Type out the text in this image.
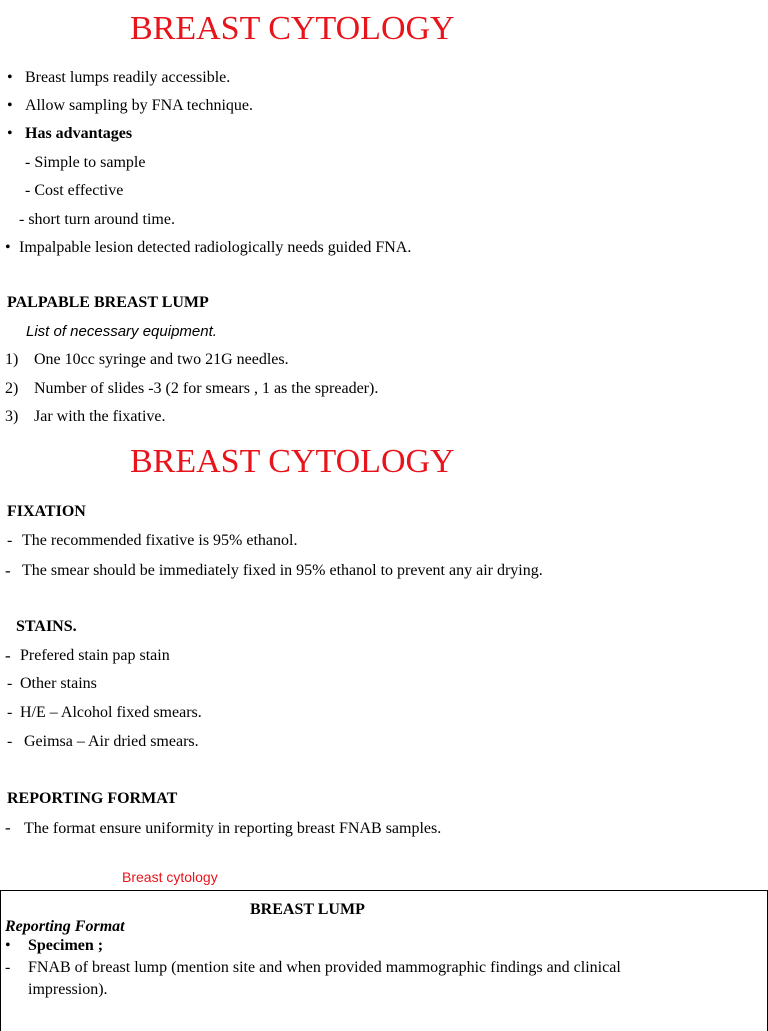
BREAST CYTOLOGY
• Breast lumps readily accessible.
• Allow sampling by FNA technique.
• Has advantages
- Simple to sample
- Cost effective
- short turn around time.
• Impalpable lesion detected radiologically needs guided FNA.
PALPABLE BREAST LUMP
List of necessary equipment.
1) One 10cc syringe and two 21G needles.
2) Number of slides -3 (2 for smears , 1 as the spreader).
3) Jar with the fixative.
BREAST CYTOLOGY
FIXATION
- The recommended fixative is 95% ethanol.
- The smear should be immediately fixed in 95% ethanol to prevent any air drying.
STAINS.
- Prefered stain pap stain
- Other stains
- H/E – Alcohol fixed smears.
- Geimsa – Air dried smears.
REPORTING FORMAT
- The format ensure uniformity in reporting breast FNAB samples.
Breast cytology
BREAST LUMP
Reporting Format
• Specimen ;
- FNAB of breast lump (mention site and when provided mammographic findings and clinical
impression).
